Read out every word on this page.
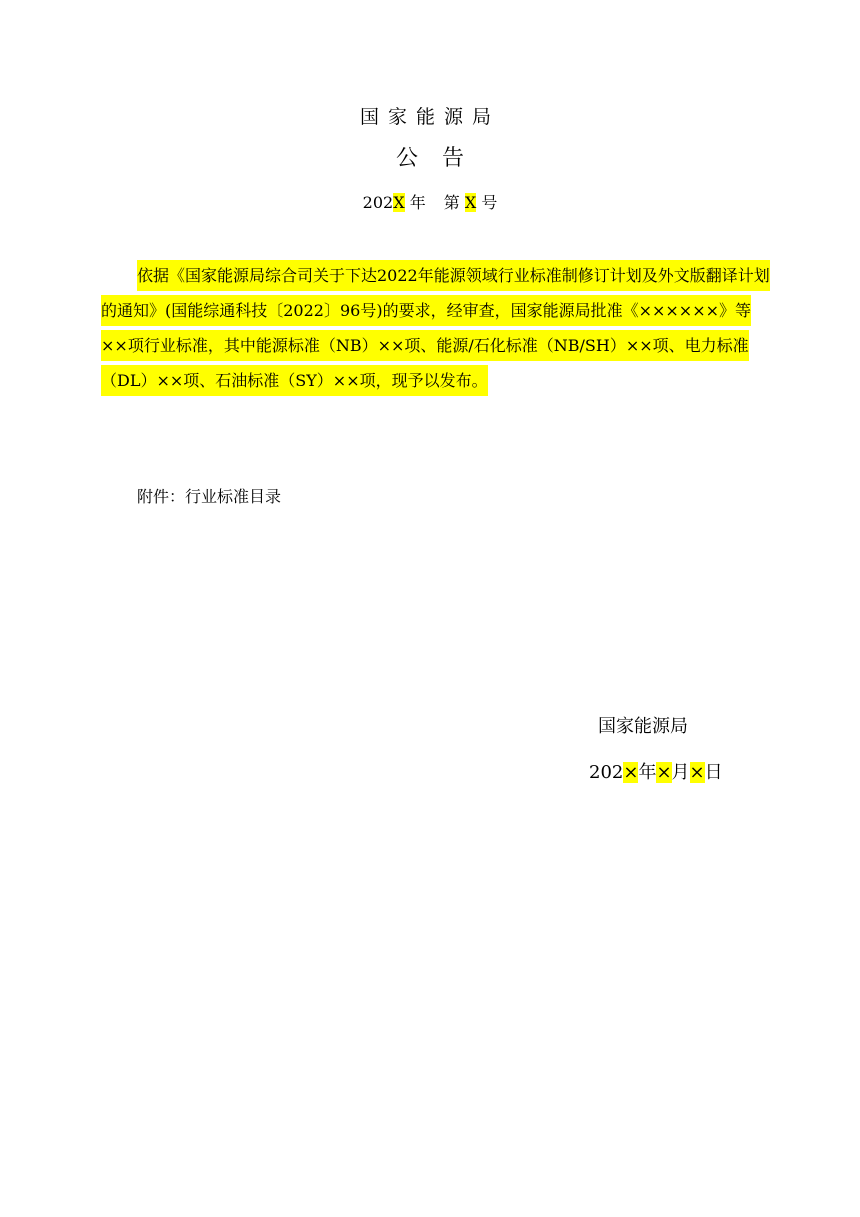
国家能源局
公告
202X 年 第 X 号

依据《国家能源局综合司关于下达2022年能源领域行业标准制修订计划及外文版翻译计划的通知》(国能综通科技〔2022〕96号)的要求，经审查，国家能源局批准《××××××》等××项行业标准，其中能源标准（NB）××项、能源/石化标准（NB/SH）××项、电力标准（DL）××项、石油标准（SY）××项，现予以发布。

附件：行业标准目录
国家能源局
202×年×月×日
